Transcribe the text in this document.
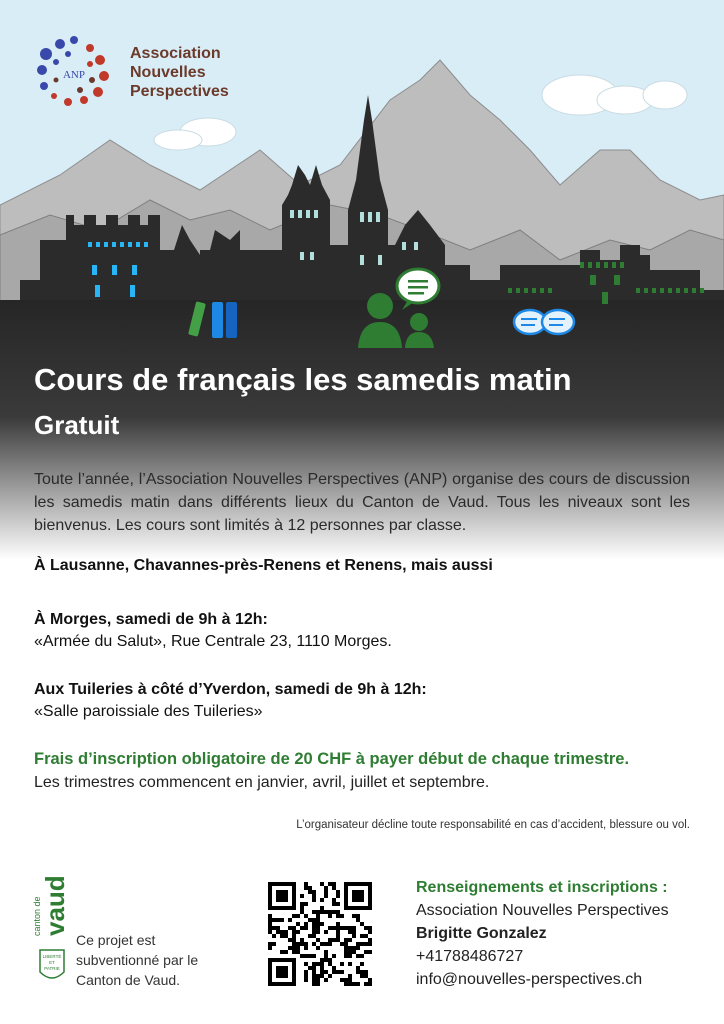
ANP
Association
Nouvelles
Perspectives
Cours de français les samedis matin
Gratuit
Toute l’année, l’Association Nouvelles Perspectives (ANP) organise des cours de discussion les samedis matin dans différents lieux du Canton de Vaud. Tous les niveaux sont les bienvenus. Les cours sont limités à 12 personnes par classe.
À Lausanne, Chavannes-près-Renens et Renens, mais aussi
À Morges, samedi de 9h à 12h:
«Armée du Salut», Rue Centrale 23, 1110 Morges.
Aux Tuileries à côté d’Yverdon, samedi de 9h à 12h:
«Salle paroissiale des Tuileries»
Frais d’inscription obligatoire de 20 CHF à payer début de chaque trimestre.
Les trimestres commencent en janvier, avril, juillet et septembre.
L’organisateur décline toute responsabilité en cas d’accident, blessure ou vol.
vaud
canton de
LIBERTÉ
ET
PATRIE
Ce projet est subventionné par le Canton de Vaud.
Renseignements et inscriptions :
Association Nouvelles Perspectives
Brigitte Gonzalez
+41788486727
info@nouvelles-perspectives.ch
